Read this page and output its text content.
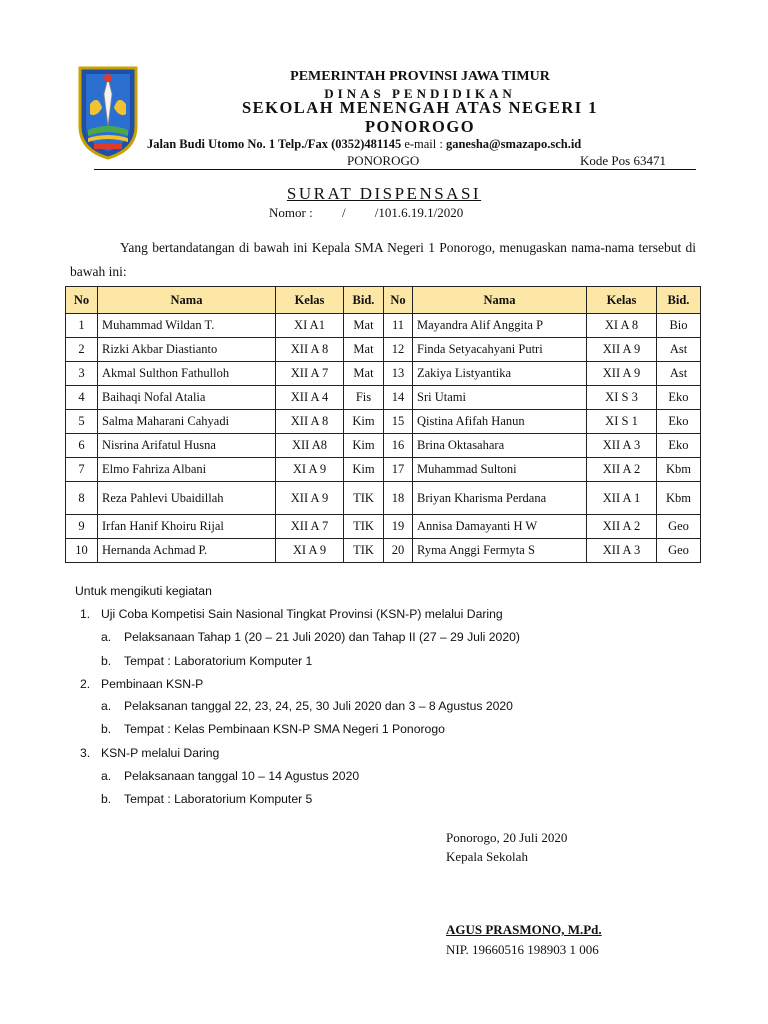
PEMERINTAH PROVINSI JAWA TIMUR
DINAS PENDIDIKAN
SEKOLAH MENENGAH ATAS NEGERI 1
PONOROGO
Jalan Budi Utomo No. 1 Telp./Fax (0352)481145 e-mail : ganesha@smazapo.sch.id
PONOROGO	Kode Pos 63471
SURAT DISPENSASI
Nomor :         /         /101.6.19.1/2020
Yang bertandatangan di bawah ini Kepala SMA Negeri 1 Ponorogo, menugaskan nama-nama tersebut di bawah ini:
No	Nama	Kelas	Bid.	No	Nama	Kelas	Bid.
1	Muhammad Wildan T.	XI A1	Mat	11	Mayandra Alif Anggita P	XI A 8	Bio
2	Rizki Akbar Diastianto	XII A 8	Mat	12	Finda Setyacahyani Putri	XII A 9	Ast
3	Akmal Sulthon Fathulloh	XII A 7	Mat	13	Zakiya Listyantika	XII A 9	Ast
4	Baihaqi Nofal Atalia	XII A 4	Fis	14	Sri Utami	XI S 3	Eko
5	Salma Maharani Cahyadi	XII A 8	Kim	15	Qistina Afifah Hanun	XI S 1	Eko
6	Nisrina Arifatul Husna	XII A8	Kim	16	Brina Oktasahara	XII A 3	Eko
7	Elmo Fahriza Albani	XI A 9	Kim	17	Muhammad Sultoni	XII A 2	Kbm
8	Reza Pahlevi Ubaidillah	XII A 9	TIK	18	Briyan Kharisma Perdana	XII A 1	Kbm
9	Irfan Hanif Khoiru Rijal	XII A 7	TIK	19	Annisa Damayanti H W	XII A 2	Geo
10	Hernanda Achmad P.	XI A 9	TIK	20	Ryma Anggi Fermyta S	XII A 3	Geo
Untuk mengikuti kegiatan
1. Uji Coba Kompetisi Sain Nasional Tingkat Provinsi (KSN-P) melalui Daring
a. Pelaksanaan Tahap 1 (20 – 21 Juli 2020) dan Tahap II (27 – 29 Juli 2020)
b. Tempat : Laboratorium Komputer 1
2. Pembinaan KSN-P
a. Pelaksanan tanggal 22, 23, 24, 25, 30 Juli 2020 dan 3 – 8 Agustus 2020
b. Tempat : Kelas Pembinaan KSN-P SMA Negeri 1 Ponorogo
3. KSN-P melalui Daring
a. Pelaksanaan tanggal 10 – 14 Agustus 2020
b. Tempat : Laboratorium Komputer 5
Ponorogo, 20 Juli 2020
Kepala Sekolah
AGUS PRASMONO, M.Pd.
NIP. 19660516 198903 1 006
